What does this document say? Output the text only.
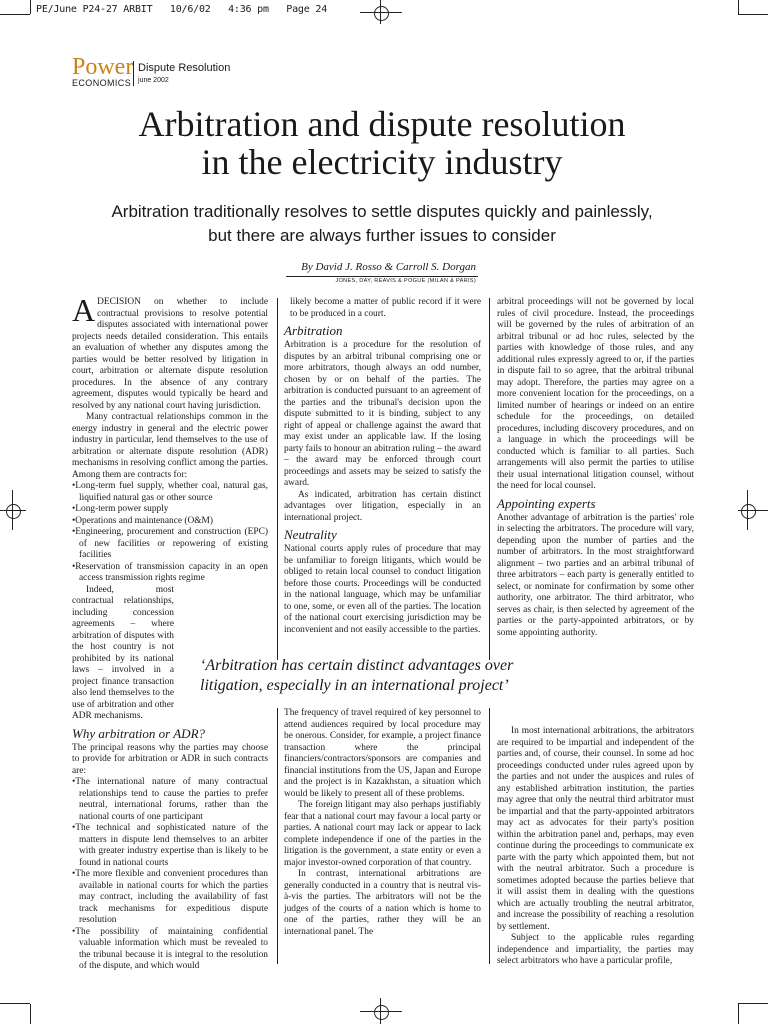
PE/June P24-27 ARBIT   10/6/02   4:36 pm   Page 24
Power
ECONOMICS
Dispute Resolution
june 2002
Arbitration and dispute resolution
in the electricity industry

Arbitration traditionally resolves to settle disputes quickly and painlessly,
but there are always further issues to consider

By David J. Rosso & Carroll S. Dorgan
JONES, DAY, REAVIS & POGUE (MILAN & PARIS)

ADECISION on whether to include contractual provisions to resolve potential disputes associated with international power projects needs detailed consideration. This entails an evaluation of whether any disputes among the parties would be better resolved by litigation in court, arbitration or alternate dispute resolution procedures. In the absence of any contrary agreement, disputes would typically be heard and resolved by any national court having jurisdiction.

Many contractual relationships common in the energy industry in general and the electric power industry in particular, lend themselves to the use of arbitration or alternate dispute resolution (ADR) mechanisms in resolving conflict among the parties. Among them are contracts for:

•Long-term fuel supply, whether coal, natural gas, liquified natural gas or other source

•Long-term power supply

•Operations and maintenance (O&M)

•Engineering, procurement and construction (EPC) of new facilities or repowering of existing facilities

•Reservation of transmission capacity in an open access transmission rights regime

Indeed, most contractual relationships, including concession agreements – where arbitration of disputes with the host country is not prohibited by its national laws – involved in a project finance transaction also lend themselves to the use of arbitration and other ADR mechanisms.

Why arbitration or ADR?

The principal reasons why the parties may choose to provide for arbitration or ADR in such contracts are:

•The international nature of many contractual relationships tend to cause the parties to prefer neutral, international forums, rather than the national courts of one participant

•The technical and sophisticated nature of the matters in dispute lend themselves to an arbiter with greater industry expertise than is likely to be found in national courts

•The more flexible and convenient procedures than available in national courts for which the parties may contract, including the availability of fast track mechanisms for expeditious dispute resolution

•The possibility of maintaining confidential valuable information which must be revealed to the tribunal because it is integral to the resolution of the dispute, and which would

likely become a matter of public record if it were to be produced in a court.

Arbitration

Arbitration is a procedure for the resolution of disputes by an arbitral tribunal comprising one or more arbitrators, though always an odd number, chosen by or on behalf of the parties. The arbitration is conducted pursuant to an agreement of the parties and the tribunal's decision upon the dispute submitted to it is binding, subject to any right of appeal or challenge against the award that may exist under an applicable law. If the losing party fails to honour an abitration ruling – the award – the award may be enforced through court proceedings and assets may be seized to satisfy the award.

As indicated, arbitration has certain distinct advantages over litigation, especially in an international project.

Neutrality

National courts apply rules of procedure that may be unfamiliar to foreign litigants, which would be obliged to retain local counsel to conduct litigation before those courts. Proceedings will be conducted in the national language, which may be unfamiliar to one, some, or even all of the parties. The location of the national court exercising jurisdiction may be inconvenient and not easily accessible to the parties.

The frequency of travel required of key personnel to attend audiences required by local procedure may be onerous. Consider, for example, a project finance transaction where the principal financiers/contractors/sponsors are companies and financial institutions from the US, Japan and Europe and the project is in Kazakhstan, a situation which would be likely to present all of these problems.

The foreign litigant may also perhaps justifiably fear that a national court may favour a local party or parties. A national court may lack or appear to lack complete independence if one of the parties in the litigation is the government, a state entity or even a major investor-owned corporation of that country.

In contrast, international arbitrations are generally conducted in a country that is neutral vis-à-vis the parties. The arbitrators will not be the judges of the courts of a nation which is home to one of the parties, rather they will be an international panel. The

arbitral proceedings will not be governed by local rules of civil procedure. Instead, the proceedings will be governed by the rules of arbitration of an arbitral tribunal or ad hoc rules, selected by the parties with knowledge of those rules, and any additional rules expressly agreed to or, if the parties in dispute fail to so agree, that the arbitral tribunal may adopt. Therefore, the parties may agree on a more convenient location for the proceedings, on a limited number of hearings or indeed on an entire schedule for the proceedings, on detailed procedures, including discovery procedures, and on a language in which the proceedings will be conducted which is familiar to all parties. Such arrangements will also permit the parties to utilise their usual international litigation counsel, without the need for local counsel.

Appointing experts

Another advantage of arbitration is the parties' role in selecting the arbitrators. The procedure will vary, depending upon the number of parties and the number of arbitrators. In the most straightforward alignment – two parties and an arbitral tribunal of three arbitrators – each party is generally entitled to select, or nominate for confirmation by some other authority, one arbitrator. The third arbitrator, who serves as chair, is then selected by agreement of the parties or the party-appointed arbitrators, or by some appointing authority.

In most international arbitrations, the arbitrators are required to be impartial and independent of the parties and, of course, their counsel. In some ad hoc proceedings conducted under rules agreed upon by the parties and not under the auspices and rules of any established arbitration institution, the parties may agree that only the neutral third arbitrator must be impartial and that the party-appointed arbitrators may act as advocates for their party's position within the arbitration panel and, perhaps, may even continue during the proceedings to communicate ex parte with the party which appointed them, but not with the neutral arbitrator. Such a procedure is sometimes adopted because the parties believe that it will assist them in dealing with the questions which are actually troubling the neutral arbitrator, and increase the possibility of reaching a resolution by settlement.

Subject to the applicable rules regarding independence and impartiality, the parties may select arbitrators who have a particular profile,

‘Arbitration has certain distinct advantages over litigation, especially in an international project’
